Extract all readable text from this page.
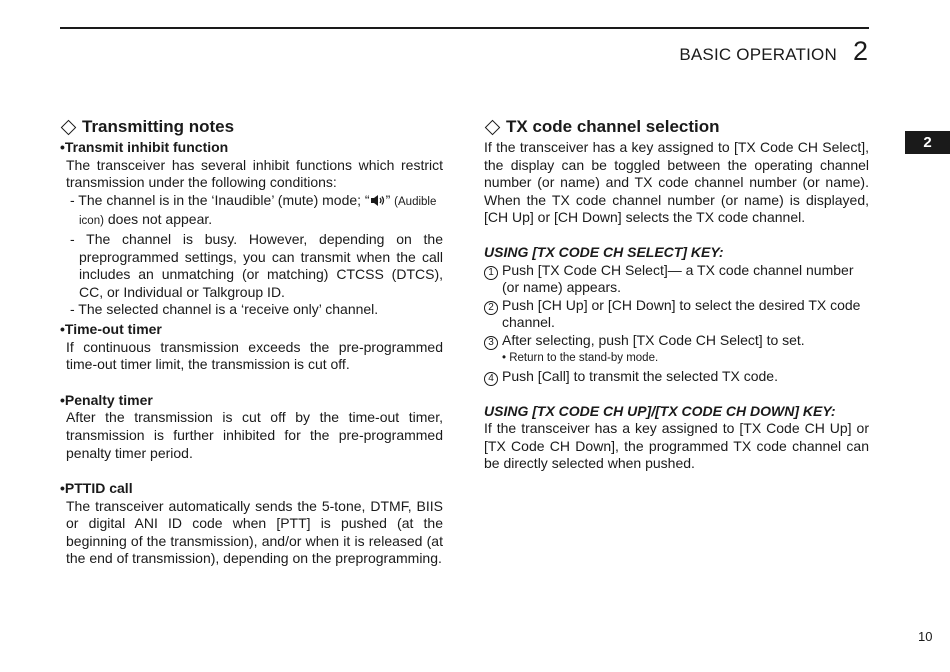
BASIC OPERATION 2
2
Transmitting notes
•Transmit inhibit function
The transceiver has several inhibit functions which restrict transmission under the following conditions:
- The channel is in the ‘Inaudible’ (mute) mode; “ ” (Audible icon) does not appear.
- The channel is busy. However, depending on the preprogrammed settings, you can transmit when the call includes an unmatching (or matching) CTCSS (DTCS), CC, or Individual or Talkgroup ID.
- The selected channel is a ‘receive only’ channel.
•Time-out timer
If continuous transmission exceeds the pre-programmed time-out timer limit, the transmission is cut off.
•Penalty timer
After the transmission is cut off by the time-out timer, transmission is further inhibited for the pre-programmed penalty timer period.
•PTTID call
The transceiver automatically sends the 5-tone, DTMF, BIIS or digital ANI ID code when [PTT] is pushed (at the beginning of the transmission), and/or when it is released (at the end of transmission), depending on the preprogramming.
TX code channel selection
If the transceiver has a key assigned to [TX Code CH Select], the display can be toggled between the operating channel number (or name) and TX code channel number (or name). When the TX code channel number (or name) is displayed, [CH Up] or [CH Down] selects the TX code channel.
USING [TX CODE CH SELECT] KEY:
1 Push [TX Code CH Select]— a TX code channel number (or name) appears.
2 Push [CH Up] or [CH Down] to select the desired TX code channel.
3 After selecting, push [TX Code CH Select] to set.
• Return to the stand-by mode.
4 Push [Call] to transmit the selected TX code.
USING [TX CODE CH UP]/[TX CODE CH DOWN] KEY:
If the transceiver has a key assigned to [TX Code CH Up] or [TX Code CH Down], the programmed TX code channel can be directly selected when pushed.
10
